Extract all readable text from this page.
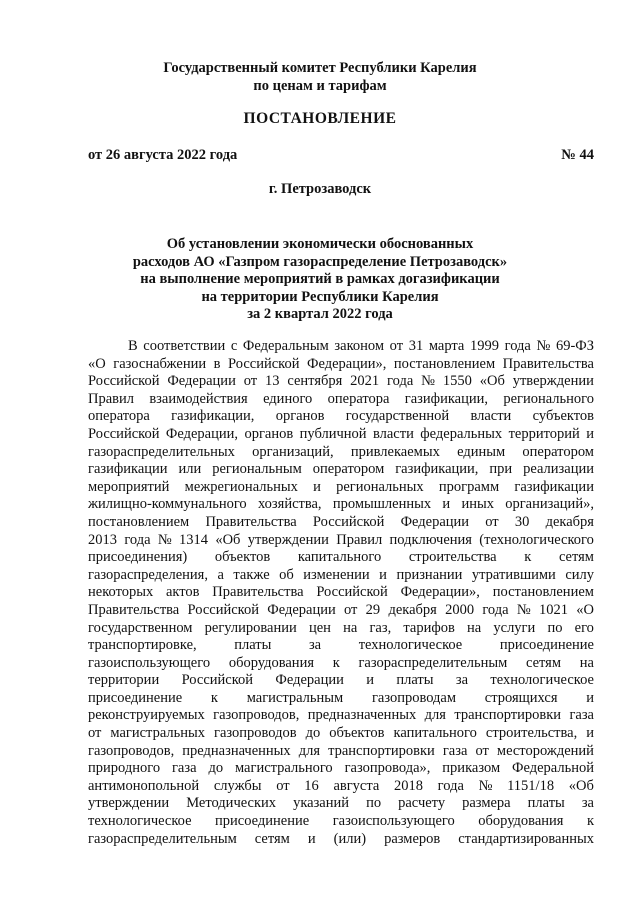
Государственный комитет Республики Карелия
по ценам и тарифам
ПОСТАНОВЛЕНИЕ
от 26 августа 2022 года	№ 44
г. Петрозаводск
Об установлении экономически обоснованных
расходов АО «Газпром газораспределение Петрозаводск»
на выполнение мероприятий в рамках догазификации
на территории Республики Карелия
за 2 квартал 2022 года
В соответствии с Федеральным законом от 31 марта 1999 года № 69-ФЗ
«О газоснабжении в Российской Федерации», постановлением Правительства
Российской Федерации от 13 сентября 2021 года № 1550 «Об утверждении
Правил взаимодействия единого оператора газификации, регионального
оператора газификации, органов государственной власти субъектов
Российской Федерации, органов публичной власти федеральных территорий и
газораспределительных организаций, привлекаемых единым оператором
газификации или региональным оператором газификации, при реализации
мероприятий межрегиональных и региональных программ газификации
жилищно-коммунального хозяйства, промышленных и иных организаций»,
постановлением Правительства Российской Федерации от 30 декабря
2013 года № 1314 «Об утверждении Правил подключения (технологического
присоединения) объектов капитального строительства к сетям
газораспределения, а также об изменении и признании утратившими силу
некоторых актов Правительства Российской Федерации», постановлением
Правительства Российской Федерации от 29 декабря 2000 года № 1021 «О
государственном регулировании цен на газ, тарифов на услуги по его
транспортировке,	платы	за	технологическое	присоединение
газоиспользующего оборудования к газораспределительным сетям на
территории Российской Федерации и платы за технологическое
присоединение к магистральным газопроводам строящихся и
реконструируемых газопроводов, предназначенных для транспортировки газа
от магистральных газопроводов до объектов капитального строительства, и
газопроводов, предназначенных для транспортировки газа от месторождений
природного газа до магистрального газопровода», приказом Федеральной
антимонопольной службы от 16 августа 2018 года № 1151/18 «Об
утверждении Методических указаний по расчету размера платы за
технологическое присоединение газоиспользующего оборудования к
газораспределительным сетям и (или) размеров стандартизированных
